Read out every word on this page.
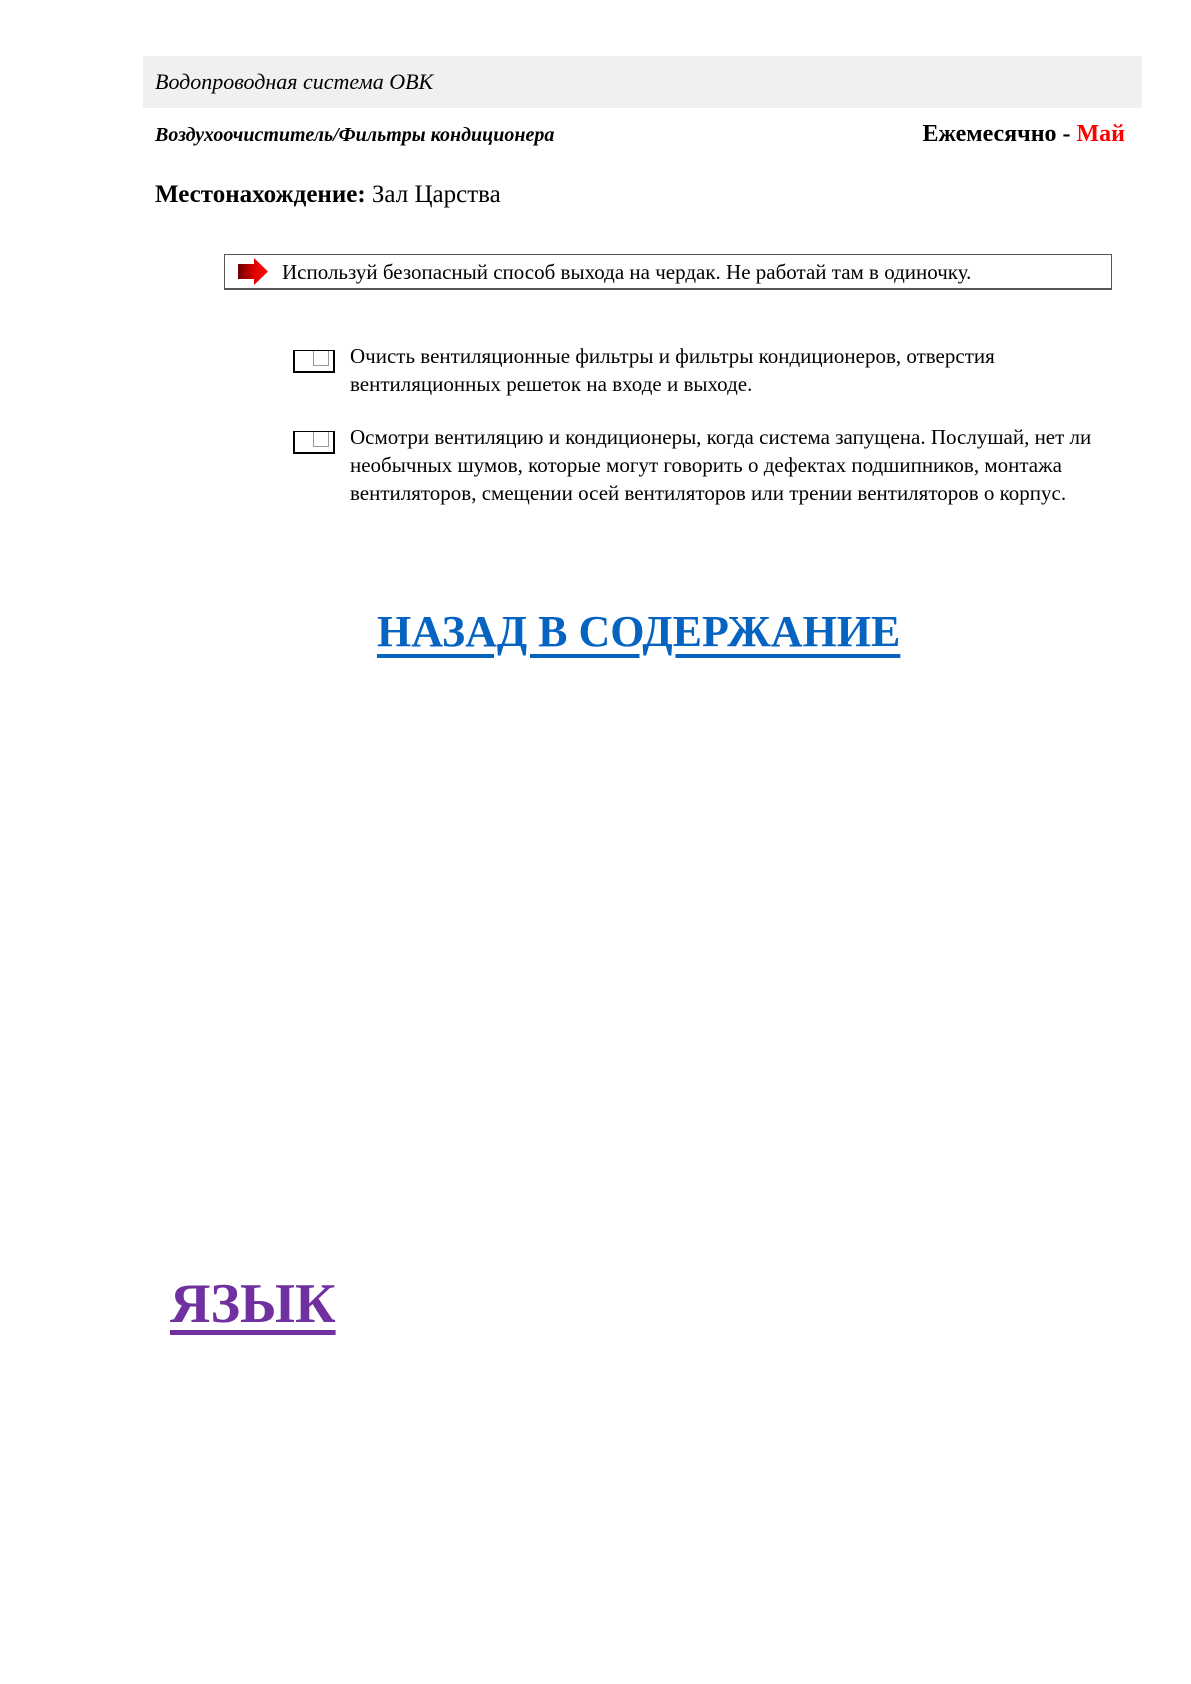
Водопроводная система ОВК
Воздухоочиститель/Фильтры кондиционера	Ежемесячно - Май
Местонахождение: Зал Царства
Используй безопасный способ выхода на чердак. Не работай там в одиночку.
Очисть вентиляционные фильтры и фильтры кондиционеров, отверстия вентиляционных решеток на входе и выходе.
Осмотри вентиляцию и кондиционеры, когда система запущена. Послушай, нет ли необычных шумов, которые могут говорить о дефектах подшипников, монтажа вентиляторов, смещении осей вентиляторов или трении вентиляторов о корпус.
НАЗАД В СОДЕРЖАНИЕ
ЯЗЫК
